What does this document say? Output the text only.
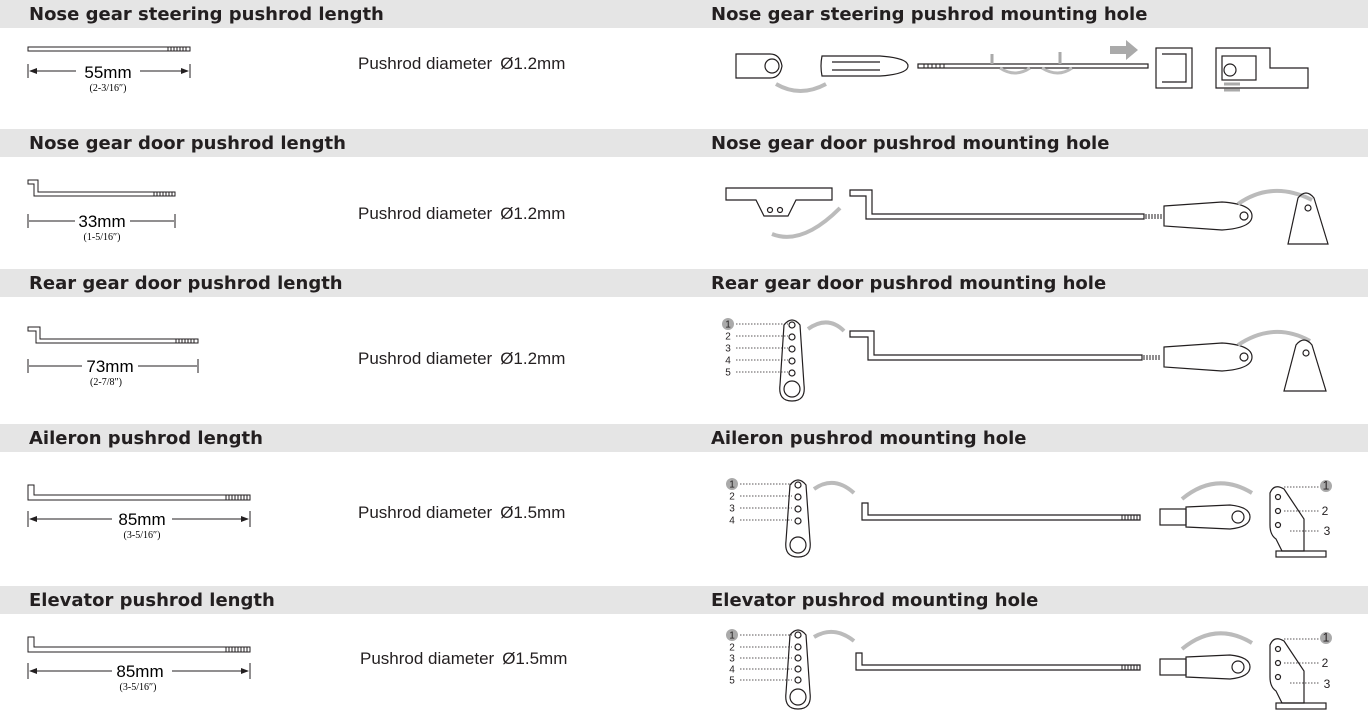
Nose gear steering pushrod length	Nose gear steering pushrod mounting hole
55mm
(2-3/16″)
Pushrod diameter Ø1.2mm
Nose gear door pushrod length	Nose gear door pushrod mounting hole
33mm
(1-5/16″)
Pushrod diameter Ø1.2mm
Rear gear door pushrod length	Rear gear door pushrod mounting hole
73mm
(2-7/8″)
Pushrod diameter Ø1.2mm
1
2
3
4
5
Aileron pushrod length	Aileron pushrod mounting hole
85mm
(3-5/16″)
Pushrod diameter Ø1.5mm
1
2
3
4
1
2
3
Elevator pushrod length	Elevator pushrod mounting hole
85mm
(3-5/16″)
Pushrod diameter Ø1.5mm
1
2
3
4
5
1
2
3
